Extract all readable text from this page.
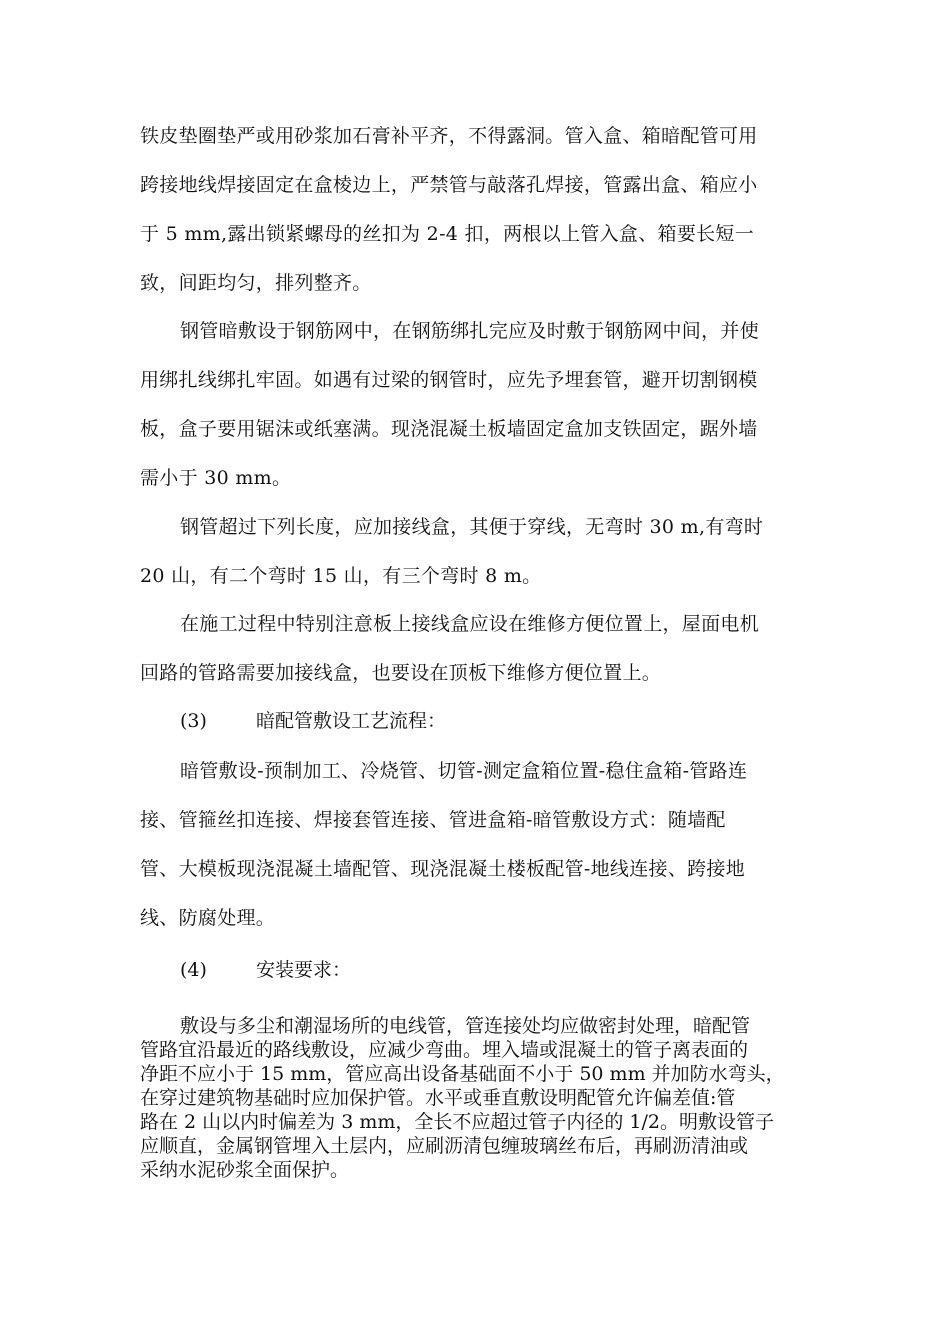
铁皮垫圈垫严或用砂浆加石膏补平齐，不得露洞。管入盒、箱暗配管可用
跨接地线焊接固定在盒棱边上，严禁管与敲落孔焊接，管露出盒、箱应小
于 5 mm,露出锁紧螺母的丝扣为 2-4 扣，两根以上管入盒、箱要长短一
致，间距均匀，排列整齐。
钢管暗敷设于钢筋网中，在钢筋绑扎完应及时敷于钢筋网中间，并使
用绑扎线绑扎牢固。如遇有过梁的钢管时，应先予埋套管，避开切割钢模
板，盒子要用锯沫或纸塞满。现浇混凝土板墙固定盒加支铁固定，踞外墙
需小于 30 mm。
钢管超过下列长度，应加接线盒，其便于穿线，无弯时 30 m,有弯时
20 山，有二个弯时 15 山，有三个弯时 8 m。
在施工过程中特别注意板上接线盒应设在维修方便位置上，屋面电机
回路的管路需要加接线盒，也要设在顶板下维修方便位置上。
(3)	暗配管敷设工艺流程：
暗管敷设-预制加工、冷烧管、切管-测定盒箱位置-稳住盒箱-管路连
接、管箍丝扣连接、焊接套管连接、管进盒箱-暗管敷设方式：随墙配
管、大模板现浇混凝土墙配管、现浇混凝土楼板配管-地线连接、跨接地
线、防腐处理。
(4)	安装要求：
敷设与多尘和潮湿场所的电线管，管连接处均应做密封处理，暗配管
管路宜沿最近的路线敷设，应减少弯曲。埋入墙或混凝土的管子离表面的
净距不应小于 15 mm，管应高出设备基础面不小于 50 mm 并加防水弯头，
在穿过建筑物基础时应加保护管。水平或垂直敷设明配管允许偏差值:管
路在 2 山以内时偏差为 3 mm，全长不应超过管子内径的 1/2。明敷设管子
应顺直，金属钢管埋入土层内，应刷沥清包缠玻璃丝布后，再刷沥清油或
采纳水泥砂浆全面保护。
